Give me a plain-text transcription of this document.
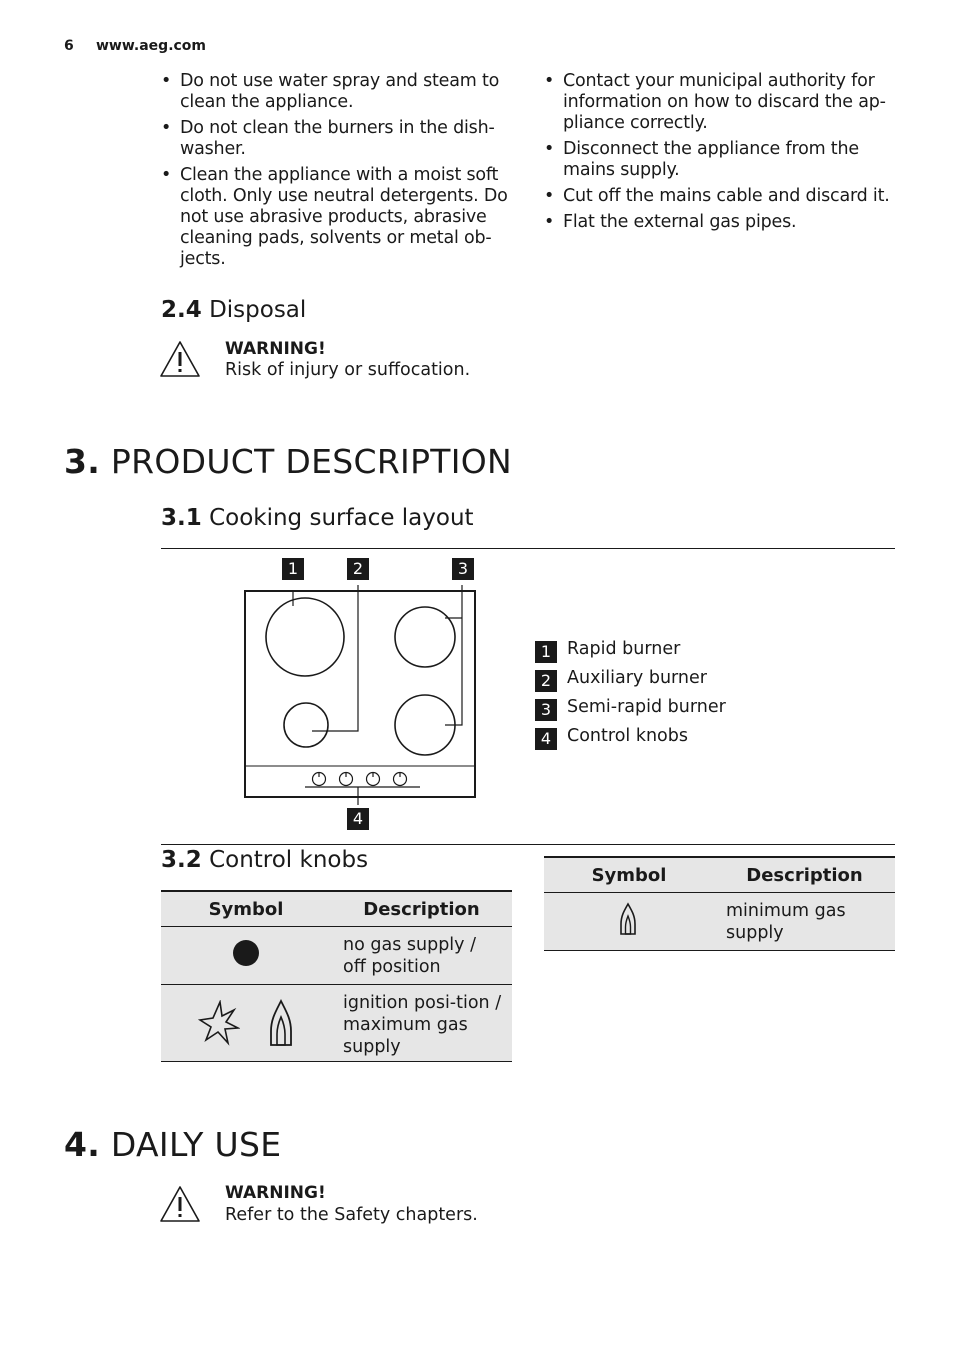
6 www.aeg.com
• Do not use water spray and steam to clean the appliance.
• Do not clean the burners in the dish-washer.
• Clean the appliance with a moist soft cloth. Only use neutral detergents. Do not use abrasive products, abrasive cleaning pads, solvents or metal ob-jects.
• Contact your municipal authority for information on how to discard the ap-pliance correctly.
• Disconnect the appliance from the mains supply.
• Cut off the mains cable and discard it.
• Flat the external gas pipes.
2.4 Disposal
WARNING!
Risk of injury or suffocation.
3. PRODUCT DESCRIPTION
3.1 Cooking surface layout
1	2	3
4
1 Rapid burner
2 Auxiliary burner
3 Semi-rapid burner
4 Control knobs
3.2 Control knobs
Symbol	Description
	no gas supply / off position
	ignition posi-tion / maximum gas supply
Symbol	Description
	minimum gas supply
4. DAILY USE
WARNING!
Refer to the Safety chapters.
